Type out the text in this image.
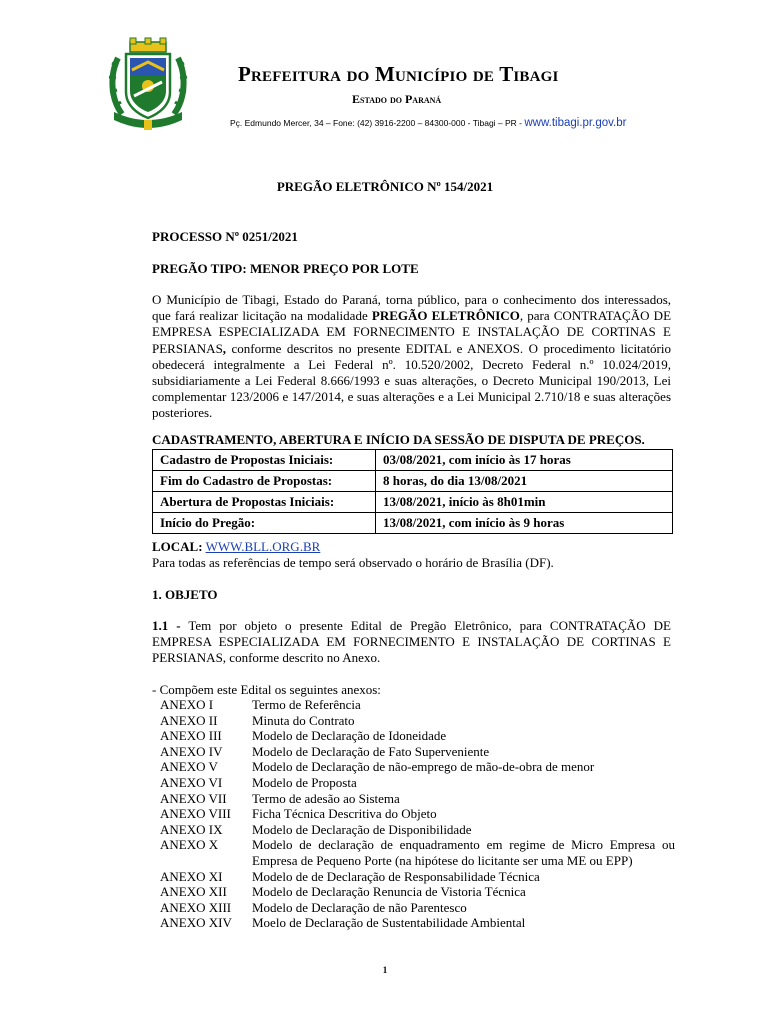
Prefeitura do Município de Tibagi
Estado do Paraná
Pç. Edmundo Mercer, 34 – Fone: (42) 3916-2200 – 84300-000 - Tibagi – PR - www.tibagi.pr.gov.br
PREGÃO ELETRÔNICO Nº 154/2021
PROCESSO Nº 0251/2021
PREGÃO TIPO: MENOR PREÇO POR LOTE
O Município de Tibagi, Estado do Paraná, torna público, para o conhecimento dos interessados, que fará realizar licitação na modalidade PREGÃO ELETRÔNICO, para CONTRATAÇÃO DE EMPRESA ESPECIALIZADA EM FORNECIMENTO E INSTALAÇÃO DE CORTINAS E PERSIANAS, conforme descritos no presente EDITAL e ANEXOS. O procedimento licitatório obedecerá integralmente a Lei Federal nº. 10.520/2002, Decreto Federal n.º 10.024/2019, subsidiariamente a Lei Federal 8.666/1993 e suas alterações, o Decreto Municipal 190/2013, Lei complementar 123/2006 e 147/2014, e suas alterações e a Lei Municipal 2.710/18 e suas alterações posteriores.
CADASTRAMENTO, ABERTURA E INÍCIO DA SESSÃO DE DISPUTA DE PREÇOS.
Cadastro de Propostas Iniciais:	03/08/2021, com início às 17 horas
Fim do Cadastro de Propostas:	8 horas, do dia 13/08/2021
Abertura de Propostas Iniciais:	13/08/2021, início às 8h01min
Início do Pregão:	13/08/2021, com início às 9 horas
LOCAL: WWW.BLL.ORG.BR
Para todas as referências de tempo será observado o horário de Brasília (DF).
1. OBJETO
1.1 - Tem por objeto o presente Edital de Pregão Eletrônico, para CONTRATAÇÃO DE EMPRESA ESPECIALIZADA EM FORNECIMENTO E INSTALAÇÃO DE CORTINAS E PERSIANAS, conforme descrito no Anexo.
- Compõem este Edital os seguintes anexos:
ANEXO I	Termo de Referência
ANEXO II	Minuta do Contrato
ANEXO III	Modelo de Declaração de Idoneidade
ANEXO IV	Modelo de Declaração de Fato Superveniente
ANEXO V	Modelo de Declaração de não-emprego de mão-de-obra de menor
ANEXO VI	Modelo de Proposta
ANEXO VII	Termo de adesão ao Sistema
ANEXO VIII	Ficha Técnica Descritiva do Objeto
ANEXO IX	Modelo de Declaração de Disponibilidade
ANEXO X	Modelo de declaração de enquadramento em regime de Micro Empresa ou Empresa de Pequeno Porte (na hipótese do licitante ser uma ME ou EPP)
ANEXO XI	Modelo de de Declaração de Responsabilidade Técnica
ANEXO XII	Modelo de Declaração Renuncia de Vistoria Técnica
ANEXO XIII	Modelo de Declaração de não Parentesco
ANEXO XIV	Moelo de Declaração de Sustentabilidade Ambiental
1
